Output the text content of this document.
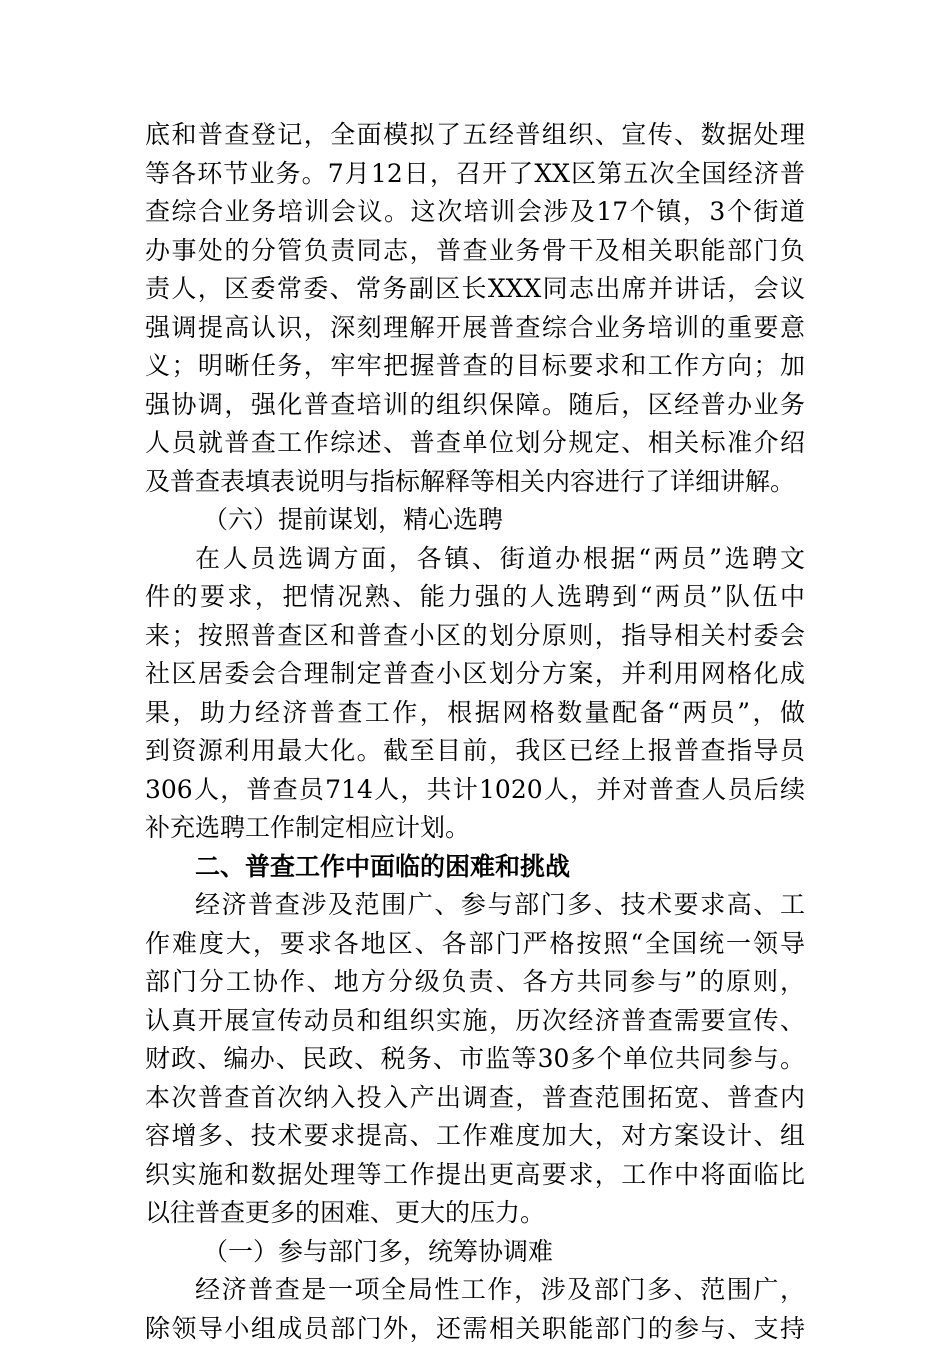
底和普查登记，全面模拟了五经普组织、宣传、数据处理
等各环节业务。7月12日，召开了XX区第五次全国经济普
查综合业务培训会议。这次培训会涉及17个镇，3个街道
办事处的分管负责同志，普查业务骨干及相关职能部门负
责人，区委常委、常务副区长XXX同志出席并讲话，会议
强调提高认识，深刻理解开展普查综合业务培训的重要意
义；明晰任务，牢牢把握普查的目标要求和工作方向；加
强协调，强化普查培训的组织保障。随后，区经普办业务
人员就普查工作综述、普查单位划分规定、相关标准介绍
及普查表填表说明与指标解释等相关内容进行了详细讲解。
（六）提前谋划，精心选聘
在人员选调方面，各镇、街道办根据“两员”选聘文
件的要求，把情况熟、能力强的人选聘到“两员”队伍中
来；按照普查区和普查小区的划分原则，指导相关村委会
社区居委会合理制定普查小区划分方案，并利用网格化成
果，助力经济普查工作，根据网格数量配备“两员”，做
到资源利用最大化。截至目前，我区已经上报普查指导员
306人，普查员714人，共计1020人，并对普查人员后续
补充选聘工作制定相应计划。
二、普查工作中面临的困难和挑战
经济普查涉及范围广、参与部门多、技术要求高、工
作难度大，要求各地区、各部门严格按照“全国统一领导
部门分工协作、地方分级负责、各方共同参与”的原则，
认真开展宣传动员和组织实施，历次经济普查需要宣传、
财政、编办、民政、税务、市监等30多个单位共同参与。
本次普查首次纳入投入产出调查，普查范围拓宽、普查内
容增多、技术要求提高、工作难度加大，对方案设计、组
织实施和数据处理等工作提出更高要求，工作中将面临比
以往普查更多的困难、更大的压力。
（一）参与部门多，统筹协调难
经济普查是一项全局性工作，涉及部门多、范围广，
除领导小组成员部门外，还需相关职能部门的参与、支持
